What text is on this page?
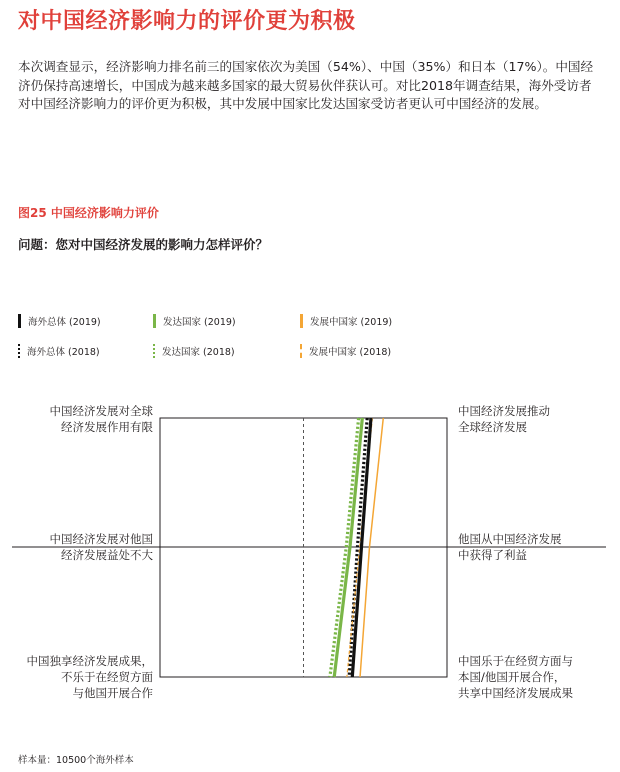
对中国经济影响力的评价更为积极
本次调查显示，经济影响力排名前三的国家依次为美国（54%）、中国（35%）和日本（17%）。中国经济仍保持高速增长，中国成为越来越多国家的最大贸易伙伴获认可。对比2018年调查结果，海外受访者对中国经济影响力的评价更为积极，其中发展中国家比发达国家受访者更认可中国经济的发展。
图25 中国经济影响力评价
问题：您对中国经济发展的影响力怎样评价？
海外总体 (2019)	发达国家 (2019)	发展中国家 (2019)
海外总体 (2018)	发达国家 (2018)	发展中国家 (2018)
中国经济发展对全球
经济发展作用有限
中国经济发展对他国
经济发展益处不大
中国独享经济发展成果，
不乐于在经贸方面
与他国开展合作
中国经济发展推动
全球经济发展
他国从中国经济发展
中获得了利益
中国乐于在经贸方面与
本国/他国开展合作，
共享中国经济发展成果
样本量：10500个海外样本
